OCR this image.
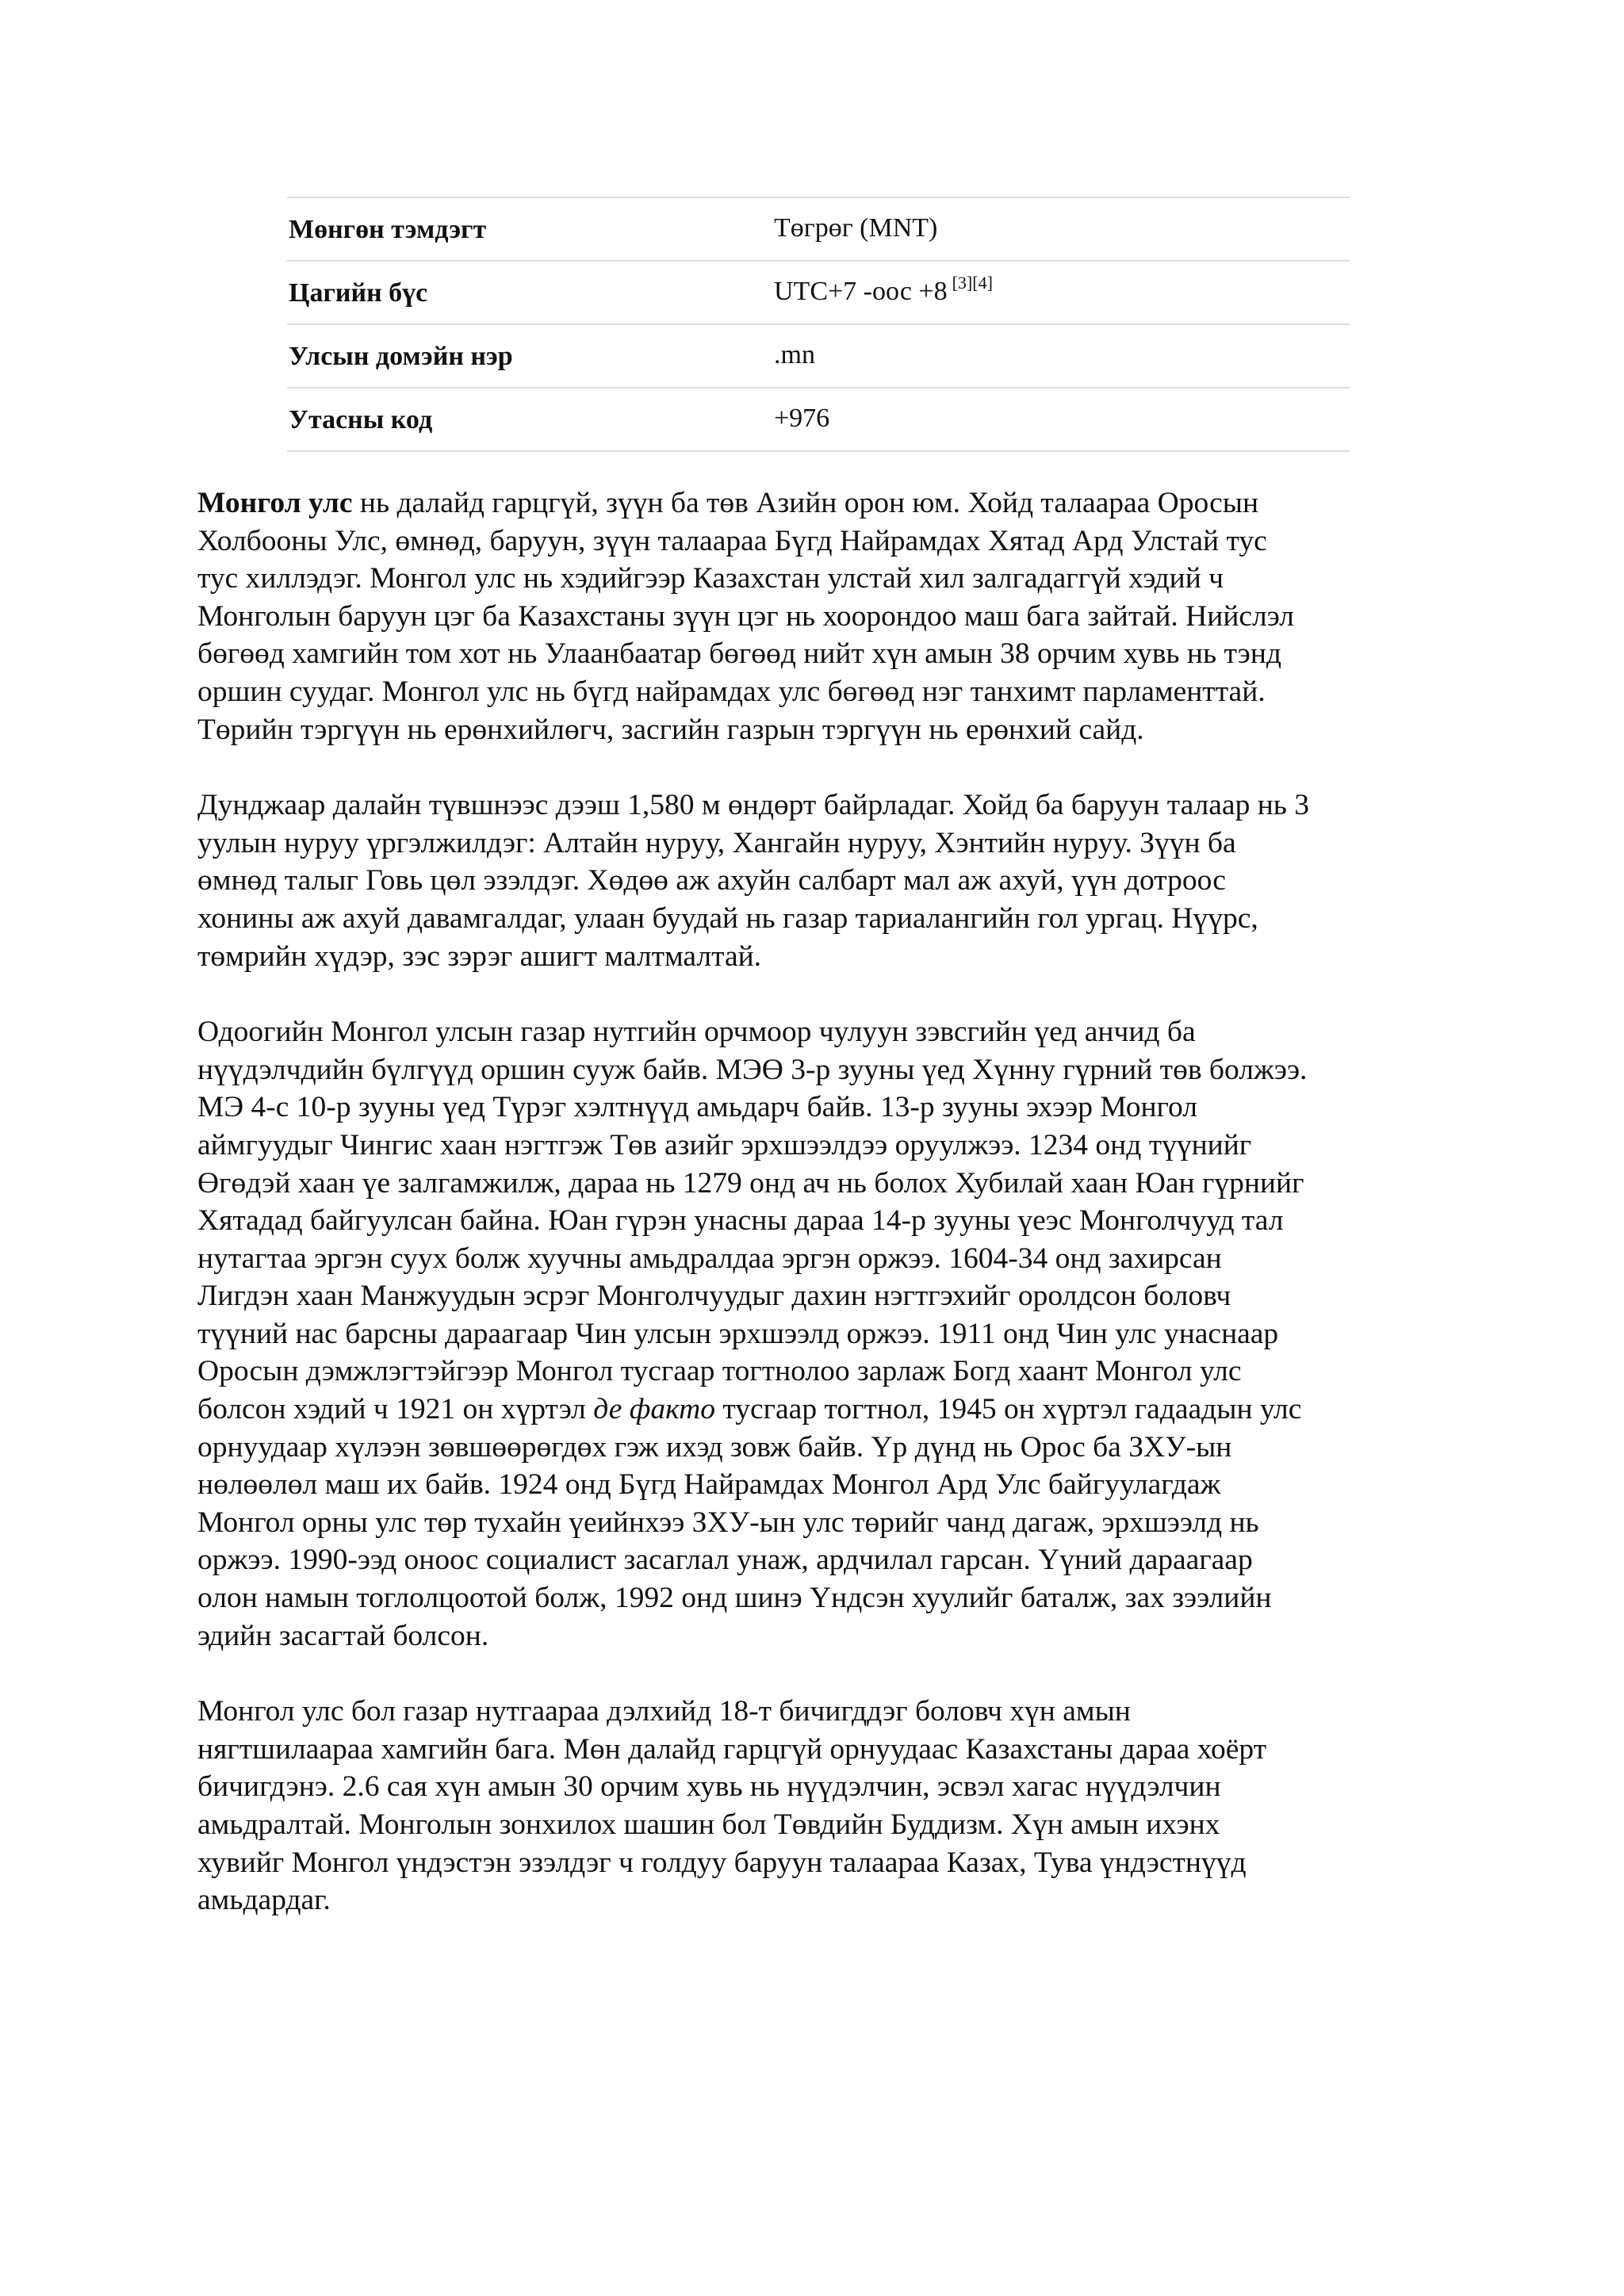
Мөнгөн тэмдэгт	Төгрөг (MNT)
Цагийн бүс	UTC+7 -оос +8 [3][4]
Улсын домэйн нэр	.mn
Утасны код	+976

Монгол улс нь далайд гарцгүй, зүүн ба төв Азийн орон юм. Хойд талаараа Оросын
Холбооны Улс, өмнөд, баруун, зүүн талаараа Бүгд Найрамдах Хятад Ард Улстай тус
тус хиллэдэг. Монгол улс нь хэдийгээр Казахстан улстай хил залгадаггүй хэдий ч
Монголын баруун цэг ба Казахстаны зүүн цэг нь хоорондоо маш бага зайтай. Нийслэл
бөгөөд хамгийн том хот нь Улаанбаатар бөгөөд нийт хүн амын 38 орчим хувь нь тэнд
оршин суудаг. Монгол улс нь бүгд найрамдах улс бөгөөд нэг танхимт парламенттай.
Төрийн тэргүүн нь ерөнхийлөгч, засгийн газрын тэргүүн нь ерөнхий сайд.

Дунджаар далайн түвшнээс дээш 1,580 м өндөрт байрладаг. Хойд ба баруун талаар нь 3
уулын нуруу үргэлжилдэг: Алтайн нуруу, Хангайн нуруу, Хэнтийн нуруу. Зүүн ба
өмнөд талыг Говь цөл эзэлдэг. Хөдөө аж ахуйн салбарт мал аж ахуй, үүн дотроос
хонины аж ахуй давамгалдаг, улаан буудай нь газар тариалангийн гол ургац. Нүүрс,
төмрийн хүдэр, зэс зэрэг ашигт малтмалтай.

Одоогийн Монгол улсын газар нутгийн орчмоор чулуун зэвсгийн үед анчид ба
нүүдэлчдийн бүлгүүд оршин сууж байв. МЭӨ 3-р зууны үед Хүнну гүрний төв болжээ.
МЭ 4-с 10-р зууны үед Түрэг хэлтнүүд амьдарч байв. 13-р зууны эхээр Монгол
аймгуудыг Чингис хаан нэгтгэж Төв азийг эрхшээлдээ оруулжээ. 1234 онд түүнийг
Өгөдэй хаан үе залгамжилж, дараа нь 1279 онд ач нь болох Хубилай хаан Юан гүрнийг
Хятадад байгуулсан байна. Юан гүрэн унасны дараа 14-р зууны үеэс Монголчууд тал
нутагтаа эргэн суух болж хуучны амьдралдаа эргэн оржээ. 1604-34 онд захирсан
Лигдэн хаан Манжуудын эсрэг Монголчуудыг дахин нэгтгэхийг оролдсон боловч
түүний нас барсны дараагаар Чин улсын эрхшээлд оржээ. 1911 онд Чин улс унаснаар
Оросын дэмжлэгтэйгээр Монгол тусгаар тогтнолоо зарлаж Богд хаант Монгол улс
болсон хэдий ч 1921 он хүртэл де факто тусгаар тогтнол, 1945 он хүртэл гадаадын улс
орнуудаар хүлээн зөвшөөрөгдөх гэж ихэд зовж байв. Үр дүнд нь Орос ба ЗХУ-ын
нөлөөлөл маш их байв. 1924 онд Бүгд Найрамдах Монгол Ард Улс байгуулагдаж
Монгол орны улс төр тухайн үеийнхээ ЗХУ-ын улс төрийг чанд дагаж, эрхшээлд нь
оржээ. 1990-ээд оноос социалист засаглал унаж, ардчилал гарсан. Үүний дараагаар
олон намын тоглолцоотой болж, 1992 онд шинэ Үндсэн хуулийг баталж, зах зээлийн
эдийн засагтай болсон.

Монгол улс бол газар нутгаараа дэлхийд 18-т бичигддэг боловч хүн амын
нягтшилаараа хамгийн бага. Мөн далайд гарцгүй орнуудаас Казахстаны дараа хоёрт
бичигдэнэ. 2.6 сая хүн амын 30 орчим хувь нь нүүдэлчин, эсвэл хагас нүүдэлчин
амьдралтай. Монголын зонхилох шашин бол Төвдийн Буддизм. Хүн амын ихэнх
хувийг Монгол үндэстэн эзэлдэг ч голдуу баруун талаараа Казах, Тува үндэстнүүд
амьдардаг.
